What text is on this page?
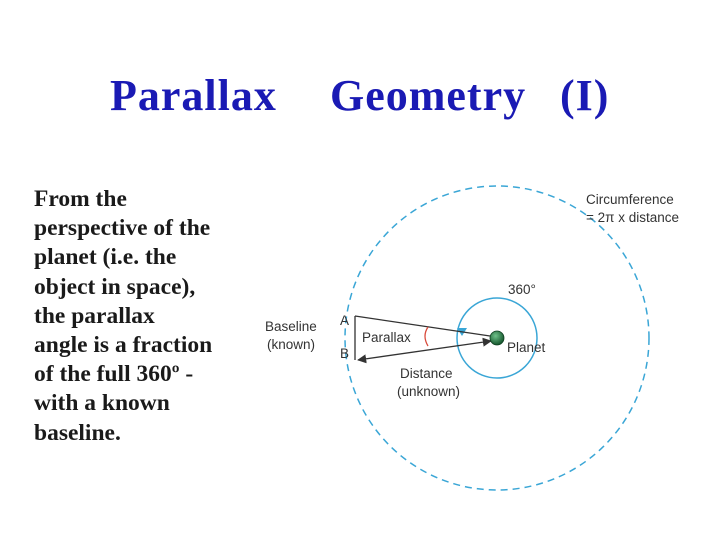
Parallax Geometry (I)

From the
perspective of the
planet (i.e. the
object in space),
the parallax
angle is a fraction
of the full 360º -
with a known
baseline.

Circumference
= 2π x distance
360°
Baseline
(known)
A
B
Parallax
Planet
Distance
(unknown)
